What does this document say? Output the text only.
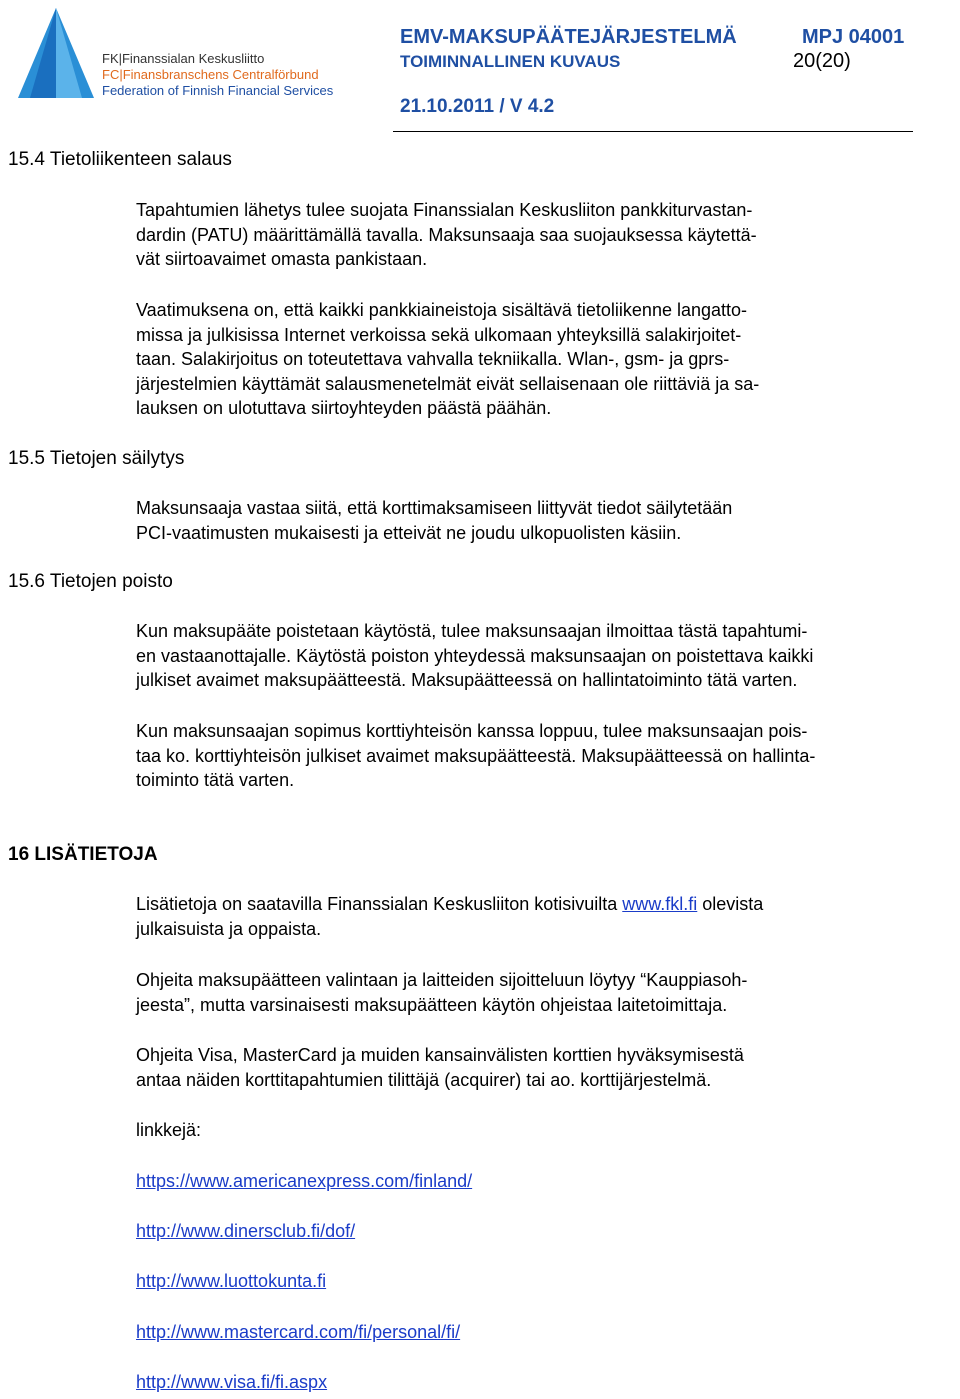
FK|Finanssialan Keskusliitto
FC|Finansbranschens Centralförbund
Federation of Finnish Financial Services
EMV-MAKSUPÄÄTEJÄRJESTELMÄ	MPJ 04001
TOIMINNALLINEN KUVAUS	20(20)
21.10.2011 / V 4.2
15.4 Tietoliikenteen salaus
Tapahtumien lähetys tulee suojata Finanssialan Keskusliiton pankkiturvastan-
dardin (PATU) määrittämällä tavalla. Maksunsaaja saa suojauksessa käytettä-
vät siirtoavaimet omasta pankistaan.
Vaatimuksena on, että kaikki pankkiaineistoja sisältävä tietoliikenne langatto-
missa ja julkisissa Internet verkoissa sekä ulkomaan yhteyksillä salakirjoitet-
taan. Salakirjoitus on toteutettava vahvalla tekniikalla. Wlan-, gsm- ja gprs-
järjestelmien käyttämät salausmenetelmät eivät sellaisenaan ole riittäviä ja sa-
lauksen on ulotuttava siirtoyhteyden päästä päähän.
15.5 Tietojen säilytys
Maksunsaaja vastaa siitä, että korttimaksamiseen liittyvät tiedot säilytetään
PCI-vaatimusten mukaisesti ja etteivät ne joudu ulkopuolisten käsiin.
15.6 Tietojen poisto
Kun maksupääte poistetaan käytöstä, tulee maksunsaajan ilmoittaa tästä tapahtumi-
en vastaanottajalle. Käytöstä poiston yhteydessä maksunsaajan on poistettava kaikki
julkiset avaimet maksupäätteestä. Maksupäätteessä on hallintatoiminto tätä varten.
Kun maksunsaajan sopimus korttiyhteisön kanssa loppuu, tulee maksunsaajan pois-
taa ko. korttiyhteisön julkiset avaimet maksupäätteestä. Maksupäätteessä on hallinta-
toiminto tätä varten.
16 LISÄTIETOJA
Lisätietoja on saatavilla Finanssialan Keskusliiton kotisivuilta www.fkl.fi olevista
julkaisuista ja oppaista.
Ohjeita maksupäätteen valintaan ja laitteiden sijoitteluun löytyy “Kauppiasoh-
jeesta”, mutta varsinaisesti maksupäätteen käytön ohjeistaa laitetoimittaja.
Ohjeita Visa, MasterCard ja muiden kansainvälisten korttien hyväksymisestä
antaa näiden korttitapahtumien tilittäjä (acquirer) tai ao. korttijärjestelmä.
linkkejä:
https://www.americanexpress.com/finland/
http://www.dinersclub.fi/dof/
http://www.luottokunta.fi
http://www.mastercard.com/fi/personal/fi/
http://www.visa.fi/fi.aspx
